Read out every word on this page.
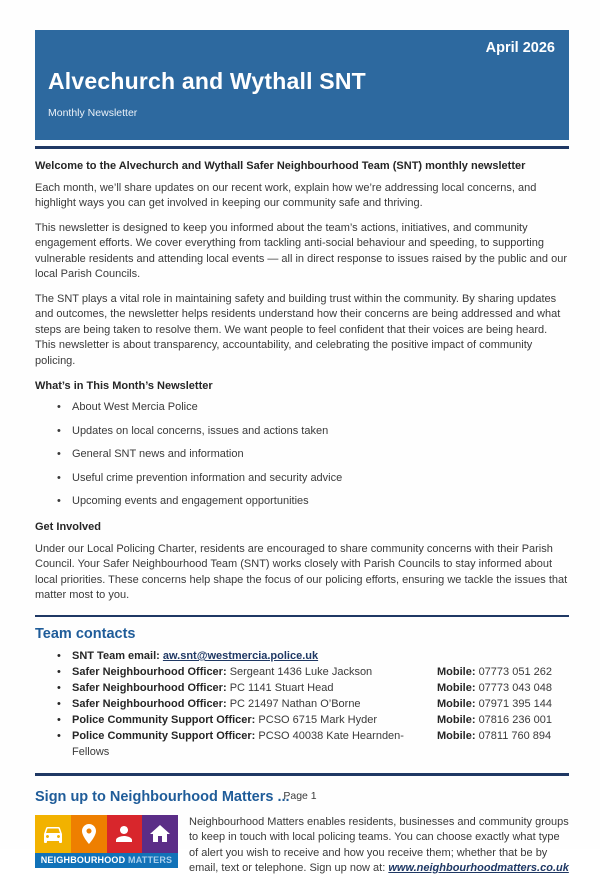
April 2026
Alvechurch and Wythall SNT
Monthly Newsletter
Welcome to the Alvechurch and Wythall Safer Neighbourhood Team (SNT) monthly newsletter

Each month, we’ll share updates on our recent work, explain how we’re addressing local concerns, and highlight ways you can get involved in keeping our community safe and thriving.

This newsletter is designed to keep you informed about the team’s actions, initiatives, and community engagement efforts. We cover everything from tackling anti-social behaviour and speeding, to supporting vulnerable residents and attending local events — all in direct response to issues raised by the public and our local Parish Councils.

The SNT plays a vital role in maintaining safety and building trust within the community. By sharing updates and outcomes, the newsletter helps residents understand how their concerns are being addressed and what steps are being taken to resolve them. We want people to feel confident that their voices are being heard. This newsletter is about transparency, accountability, and celebrating the positive impact of community policing.

What’s in This Month’s Newsletter
• About West Mercia Police
• Updates on local concerns, issues and actions taken
• General SNT news and information
• Useful crime prevention information and security advice
• Upcoming events and engagement opportunities
Get Involved

Under our Local Policing Charter, residents are encouraged to share community concerns with their Parish Council. Your Safer Neighbourhood Team (SNT) works closely with Parish Councils to stay informed about local priorities. These concerns help shape the focus of our policing efforts, ensuring we tackle the issues that matter most to you.

Team contacts
• SNT Team email: aw.snt@westmercia.police.uk
• Safer Neighbourhood Officer: Sergeant 1436 Luke Jackson	Mobile: 07773 051 262
• Safer Neighbourhood Officer: PC 1141 Stuart Head	Mobile: 07773 043 048
• Safer Neighbourhood Officer: PC 21497 Nathan O’Borne	Mobile: 07971 395 144
• Police Community Support Officer: PCSO 6715 Mark Hyder	Mobile: 07816 236 001
• Police Community Support Officer: PCSO 40038 Kate Hearnden-Fellows
Mobile: 07811 760 894
Sign up to Neighbourhood Matters ...
NEIGHBOURHOOD MATTERS
Neighbourhood Matters enables residents, businesses and community groups to keep in touch with local policing teams. You can choose exactly what type of alert you wish to receive and how you receive them; whether that be by email, text or telephone. Sign up now at: www.neighbourhoodmatters.co.uk
Page 1
